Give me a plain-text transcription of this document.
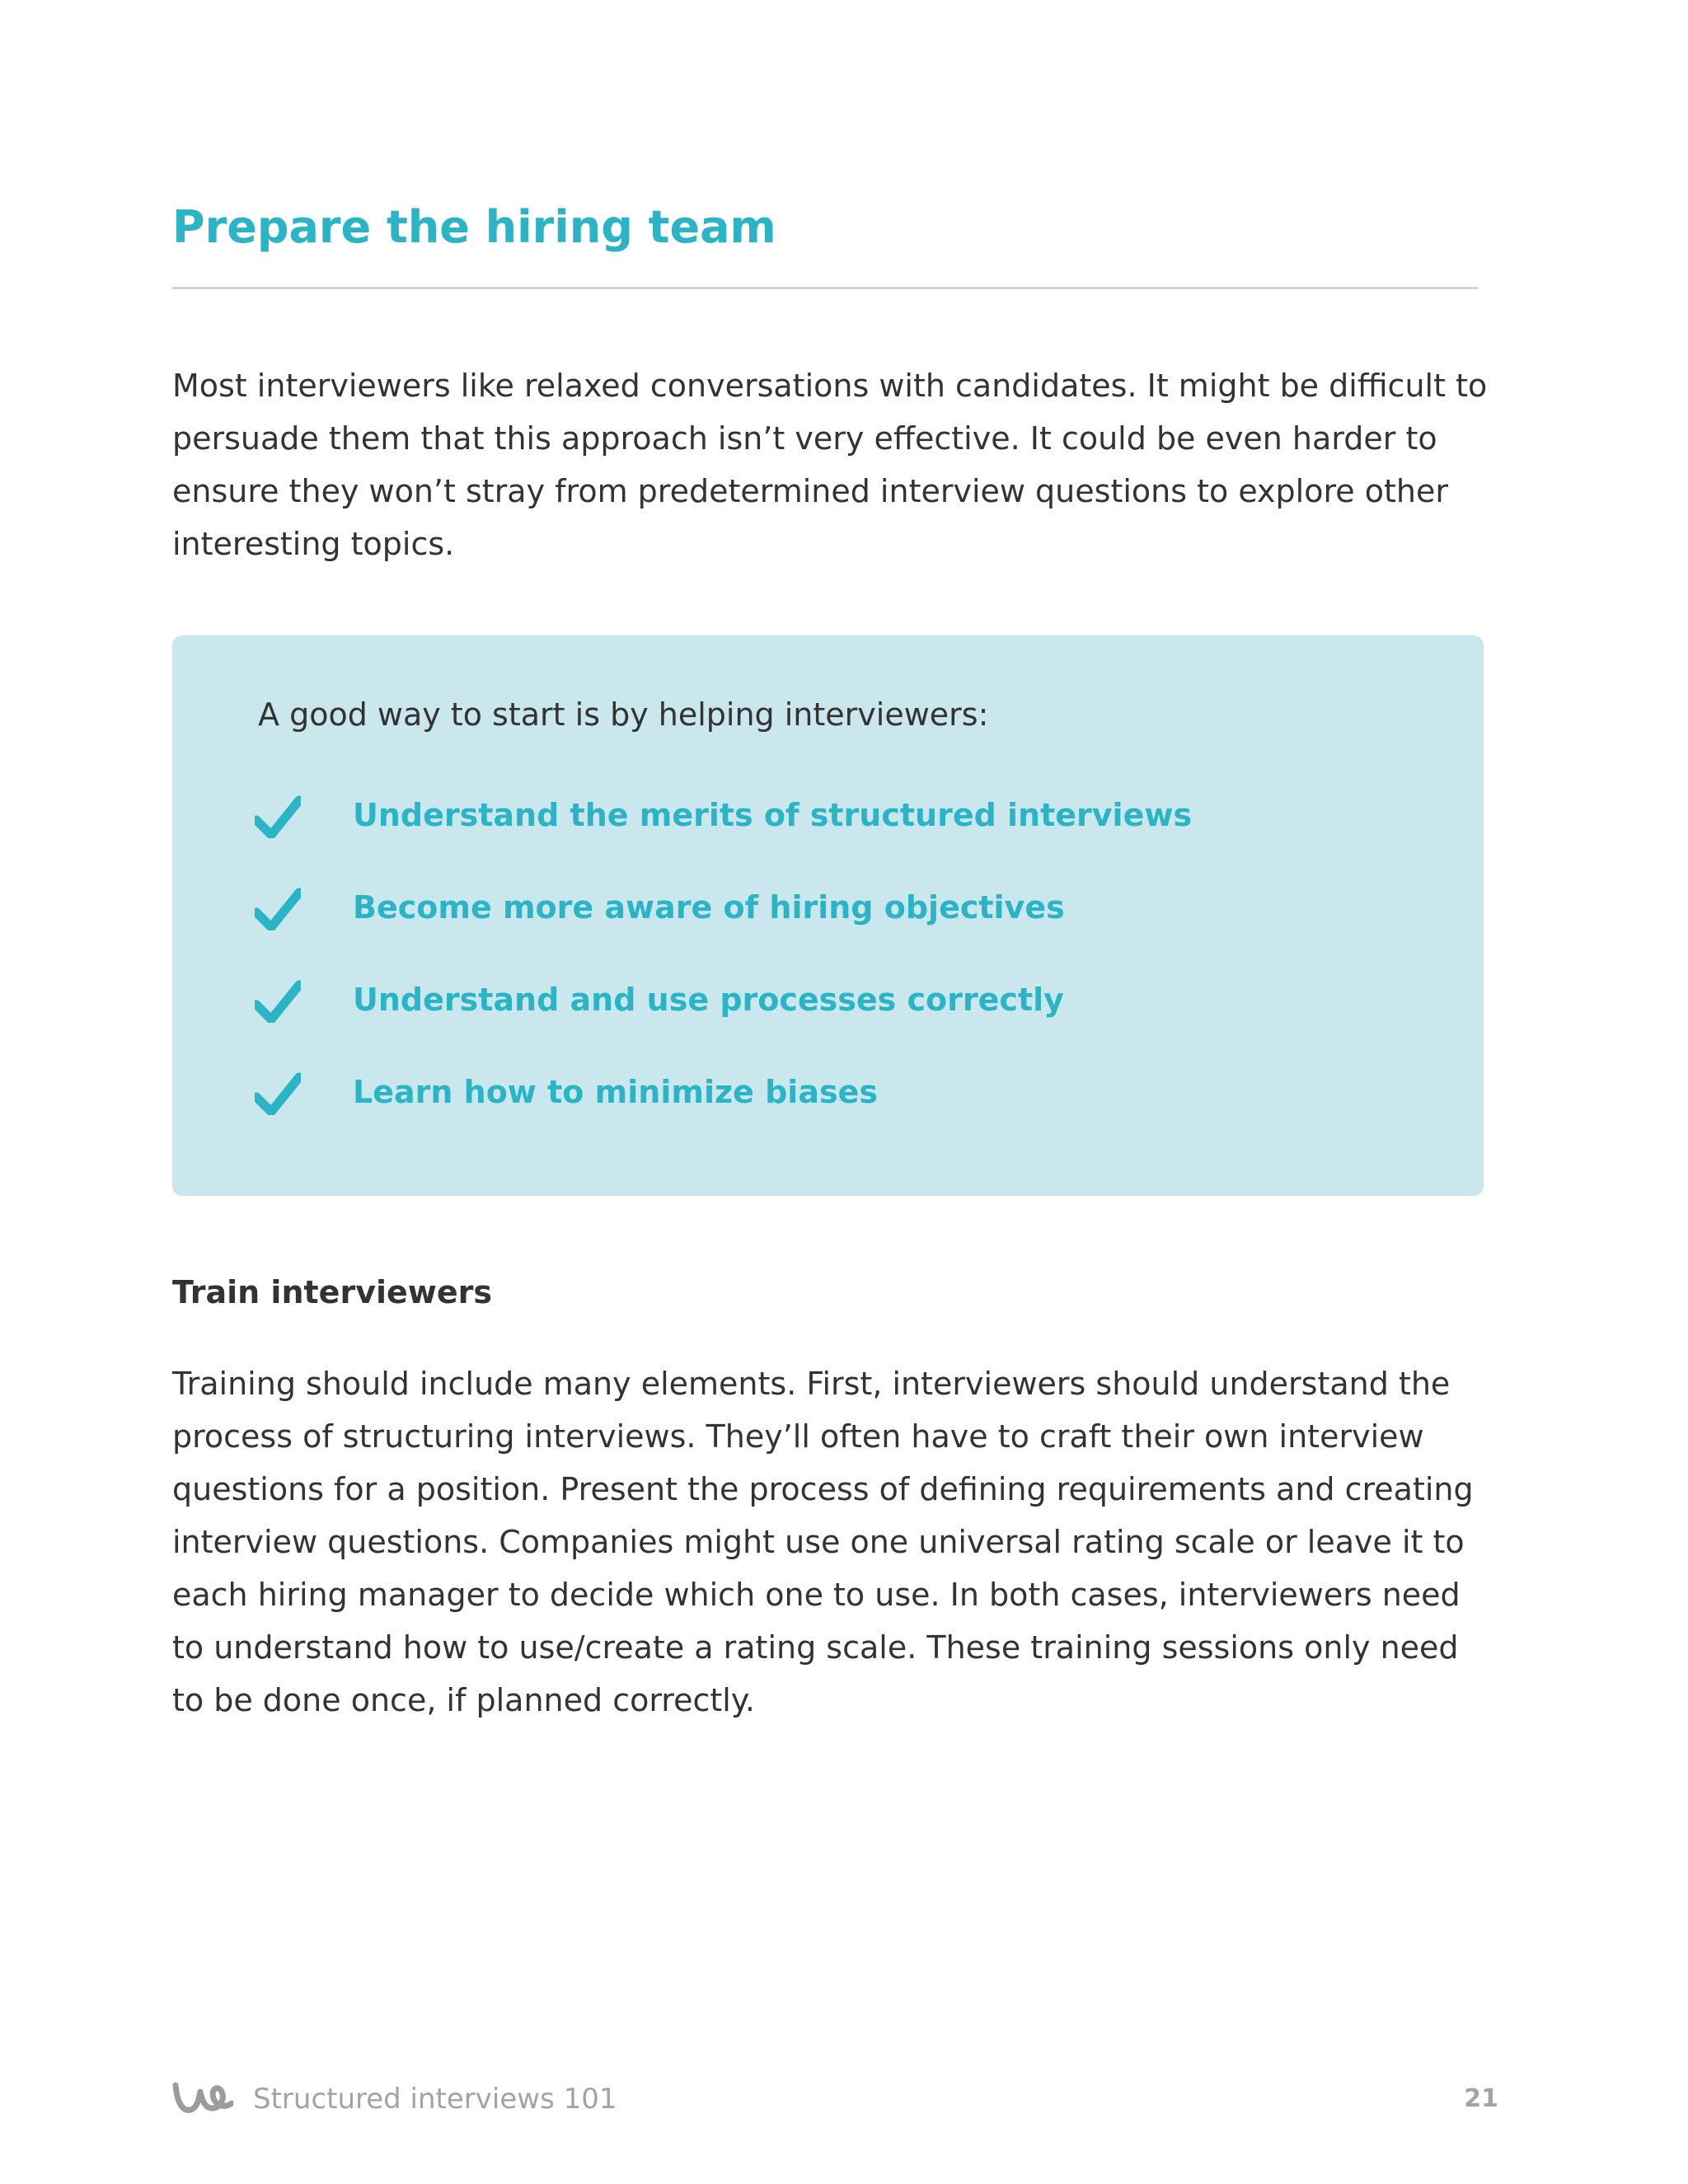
Prepare the hiring team

Most interviewers like relaxed conversations with candidates. It might be difficult to persuade them that this approach isn’t very effective. It could be even harder to ensure they won’t stray from predetermined interview questions to explore other interesting topics.

A good way to start is by helping interviewers:

Understand the merits of structured interviews
Become more aware of hiring objectives
Understand and use processes correctly
Learn how to minimize biases
Train interviewers

Training should include many elements. First, interviewers should understand the process of structuring interviews. They’ll often have to craft their own interview questions for a position. Present the process of defining requirements and creating interview questions. Companies might use one universal rating scale or leave it to each hiring manager to decide which one to use. In both cases, interviewers need to understand how to use/create a rating scale. These training sessions only need to be done once, if planned correctly.

Structured interviews 101	21
